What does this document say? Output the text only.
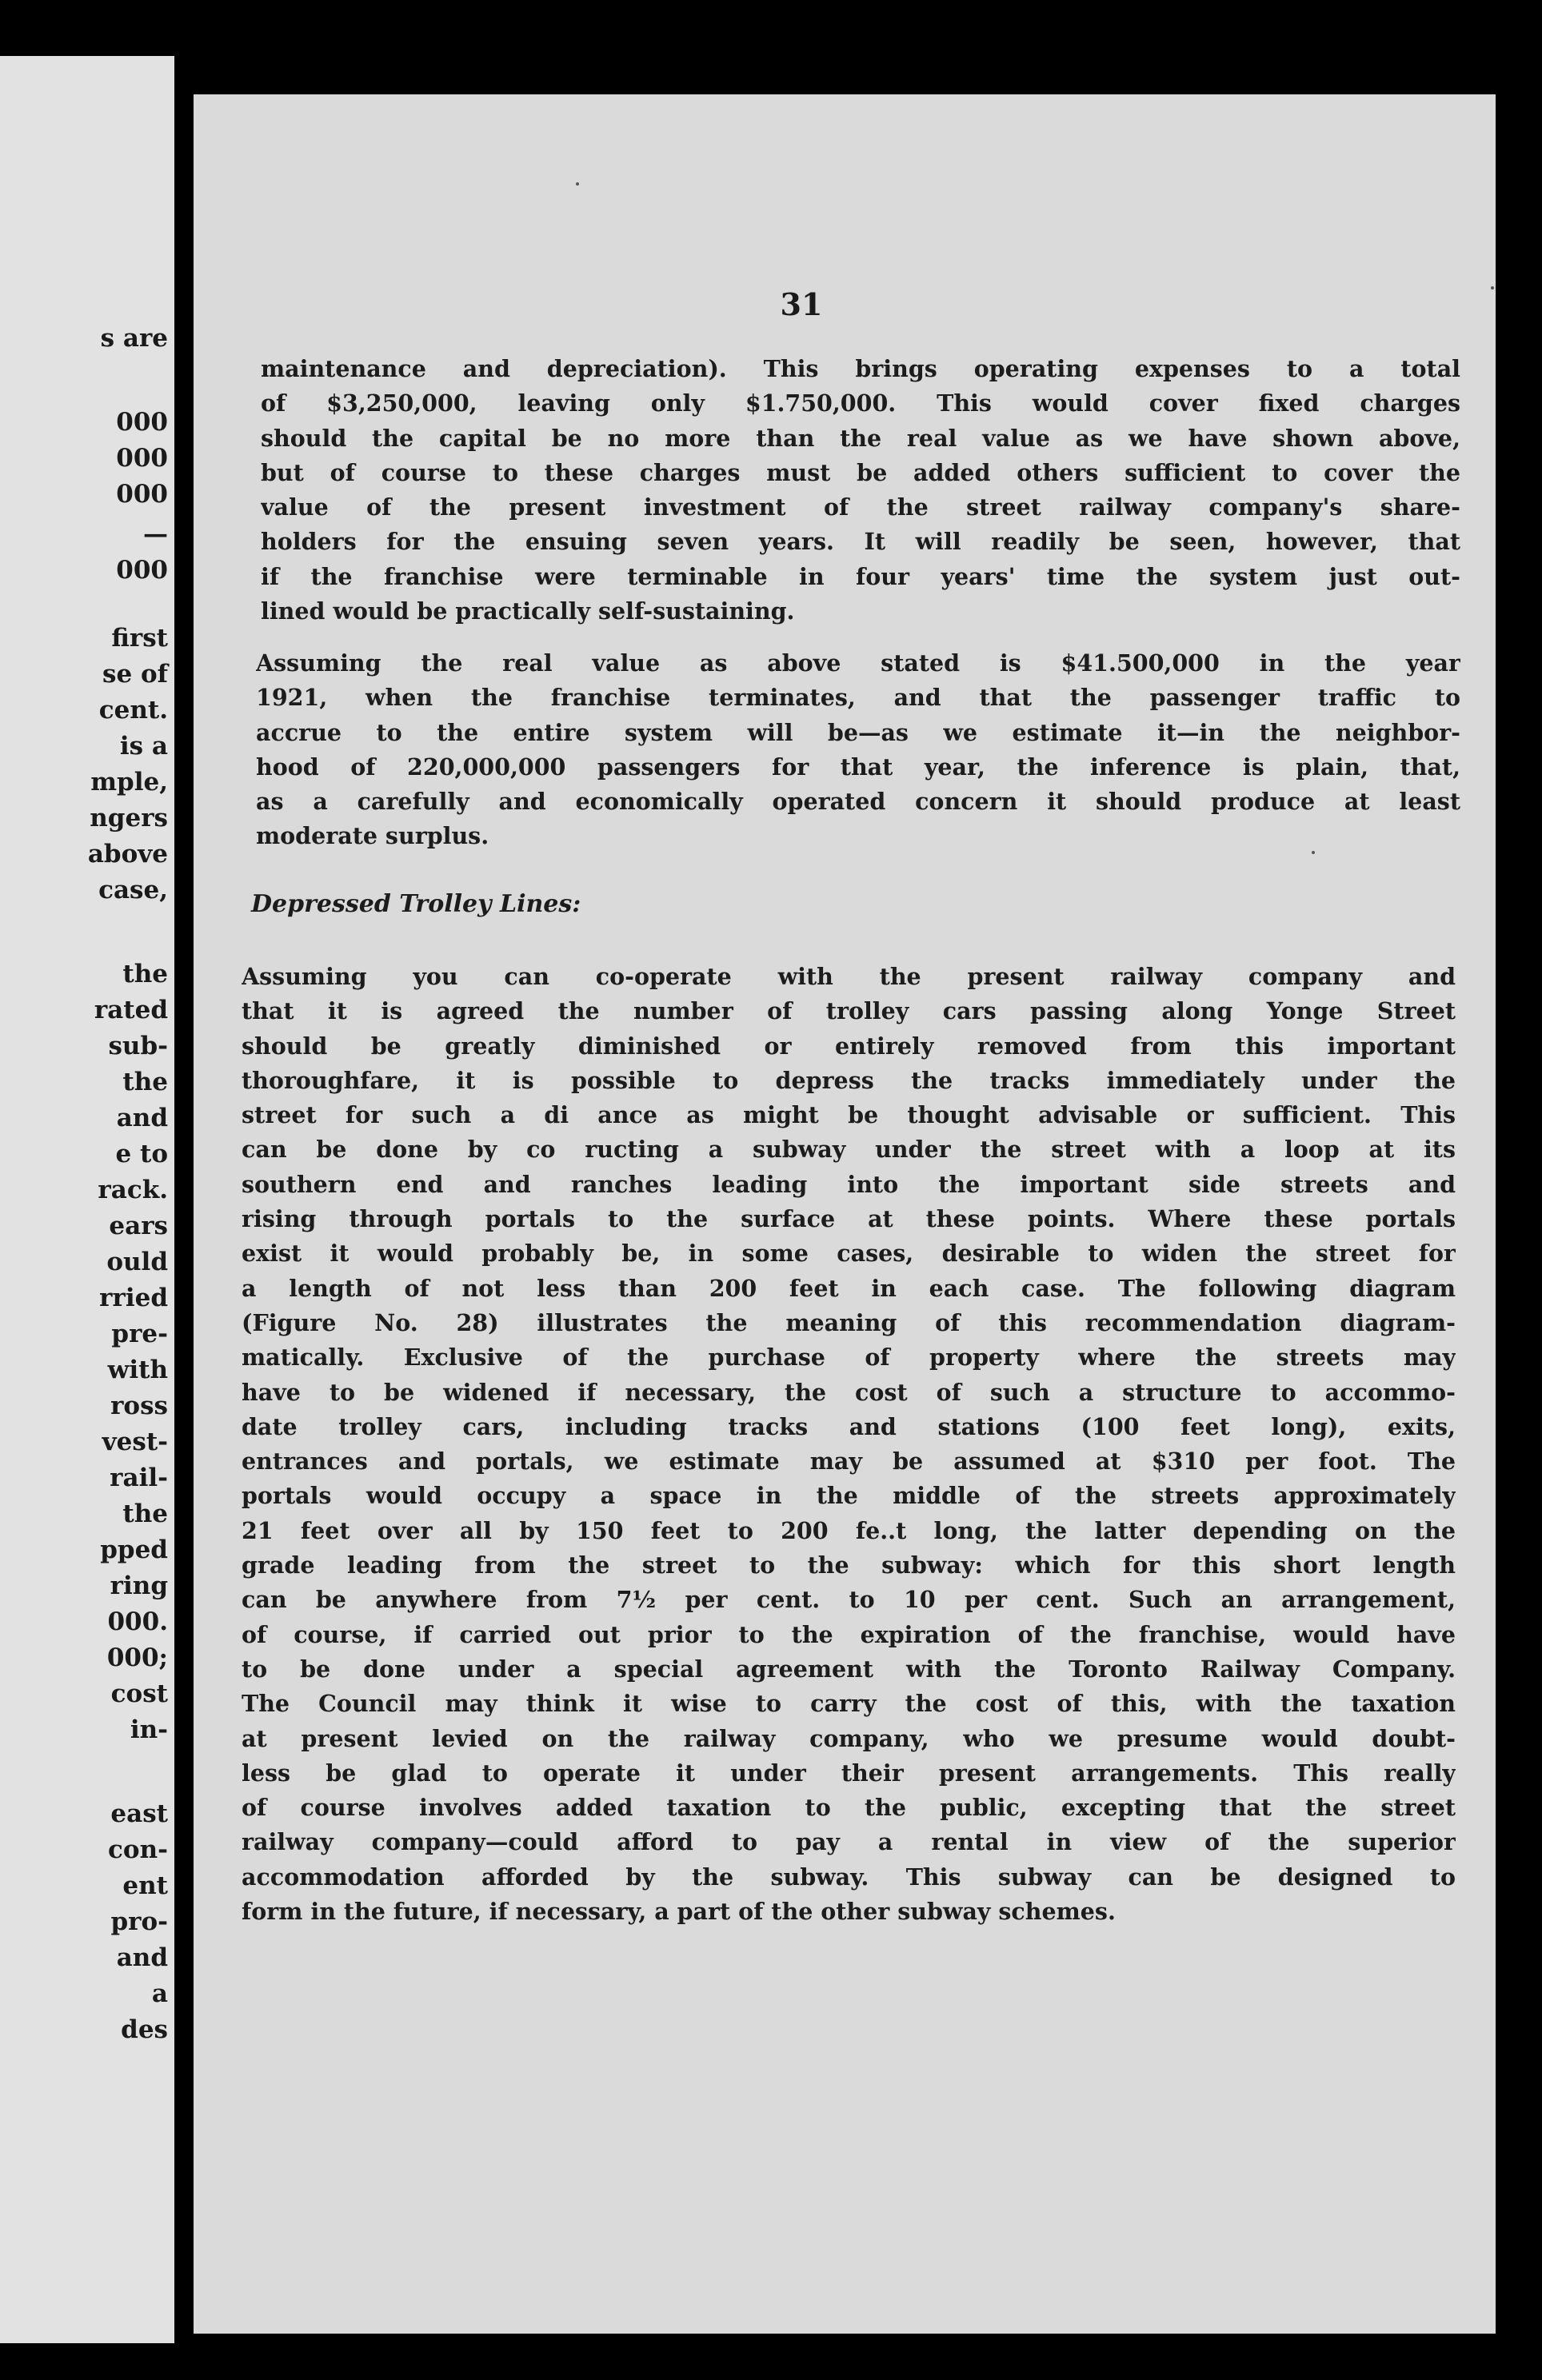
s are
000
000
000
—
000
first
se of
cent.
is a
mple,
ngers
above
case,
the
rated
sub-
the
and
e to
rack.
ears
ould
rried
pre-
with
ross
vest-
rail-
the
pped
ring
000.
000;
cost
in-
east
con-
ent
pro-
and
a
des
31
maintenance and depreciation). This brings operating expenses to a total
of $3,250,000, leaving only $1.750,000. This would cover fixed charges
should the capital be no more than the real value as we have shown above,
but of course to these charges must be added others sufficient to cover the
value of the present investment of the street railway company's share-
holders for the ensuing seven years. It will readily be seen, however, that
if the franchise were terminable in four years' time the system just out-
lined would be practically self-sustaining.
Assuming the real value as above stated is $41.500,000 in the year
1921, when the franchise terminates, and that the passenger traffic to
accrue to the entire system will be—as we estimate it—in the neighbor-
hood of 220,000,000 passengers for that year, the inference is plain, that,
as a carefully and economically operated concern it should produce at least
moderate surplus.
Depressed Trolley Lines:
Assuming you can co-operate with the present railway company and
that it is agreed the number of trolley cars passing along Yonge Street
should be greatly diminished or entirely removed from this important
thoroughfare, it is possible to depress the tracks immediately under the
street for such a di ance as might be thought advisable or sufficient. This
can be done by co ructing a subway under the street with a loop at its
southern end and ranches leading into the important side streets and
rising through portals to the surface at these points. Where these portals
exist it would probably be, in some cases, desirable to widen the street for
a length of not less than 200 feet in each case. The following diagram
(Figure No. 28) illustrates the meaning of this recommendation diagram-
matically. Exclusive of the purchase of property where the streets may
have to be widened if necessary, the cost of such a structure to accommo-
date trolley cars, including tracks and stations (100 feet long), exits,
entrances and portals, we estimate may be assumed at $310 per foot. The
portals would occupy a space in the middle of the streets approximately
21 feet over all by 150 feet to 200 fe..t long, the latter depending on the
grade leading from the street to the subway: which for this short length
can be anywhere from 7½ per cent. to 10 per cent. Such an arrangement,
of course, if carried out prior to the expiration of the franchise, would have
to be done under a special agreement with the Toronto Railway Company.
The Council may think it wise to carry the cost of this, with the taxation
at present levied on the railway company, who we presume would doubt-
less be glad to operate it under their present arrangements. This really
of course involves added taxation to the public, excepting that the street
railway company—could afford to pay a rental in view of the superior
accommodation afforded by the subway. This subway can be designed to
form in the future, if necessary, a part of the other subway schemes.
